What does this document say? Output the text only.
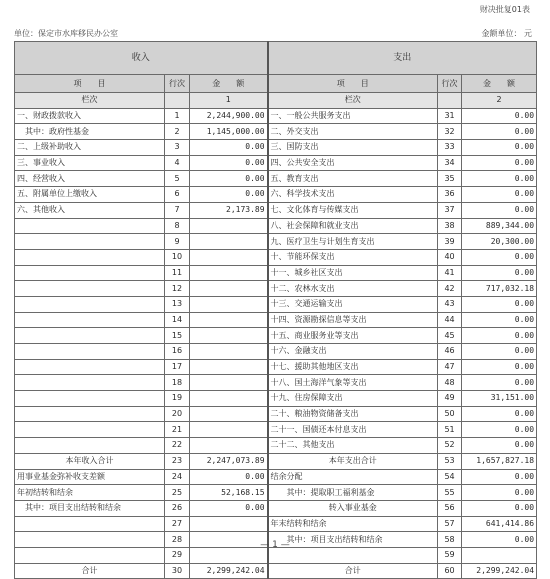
财决批复01表
单位：保定市水库移民办公室	金额单位： 元
收入			支出		
项　　目	行次	金　　额	项　　目	行次	金　　额
栏次		1	栏次		2
一、财政拨款收入	1	2,244,900.00	一、一般公共服务支出	31	0.00
　其中：政府性基金	2	1,145,000.00	二、外交支出	32	0.00
二、上级补助收入	3	0.00	三、国防支出	33	0.00
三、事业收入	4	0.00	四、公共安全支出	34	0.00
四、经营收入	5	0.00	五、教育支出	35	0.00
五、附属单位上缴收入	6	0.00	六、科学技术支出	36	0.00
六、其他收入	7	2,173.89	七、文化体育与传媒支出	37	0.00
	8		八、社会保障和就业支出	38	889,344.00
	9		九、医疗卫生与计划生育支出	39	20,300.00
	10		十、节能环保支出	40	0.00
	11		十一、城乡社区支出	41	0.00
	12		十二、农林水支出	42	717,032.18
	13		十三、交通运输支出	43	0.00
	14		十四、资源勘探信息等支出	44	0.00
	15		十五、商业服务业等支出	45	0.00
	16		十六、金融支出	46	0.00
	17		十七、援助其他地区支出	47	0.00
	18		十八、国土海洋气象等支出	48	0.00
	19		十九、住房保障支出	49	31,151.00
	20		二十、粮油物资储备支出	50	0.00
	21		二十一、国债还本付息支出	51	0.00
	22		二十二、其他支出	52	0.00
本年收入合计	23	2,247,073.89	本年支出合计	53	1,657,827.18
用事业基金弥补收支差额	24	0.00	结余分配	54	0.00
年初结转和结余	25	52,168.15	　　其中：提取职工福利基金	55	0.00
　其中：项目支出结转和结余	26	0.00	转入事业基金	56	0.00
	27		年末结转和结余	57	641,414.86
	28		　　其中：项目支出结转和结余	58	0.00
	29			59	
合计	30	2,299,242.04	合计	60	2,299,242.04
— 1 —
